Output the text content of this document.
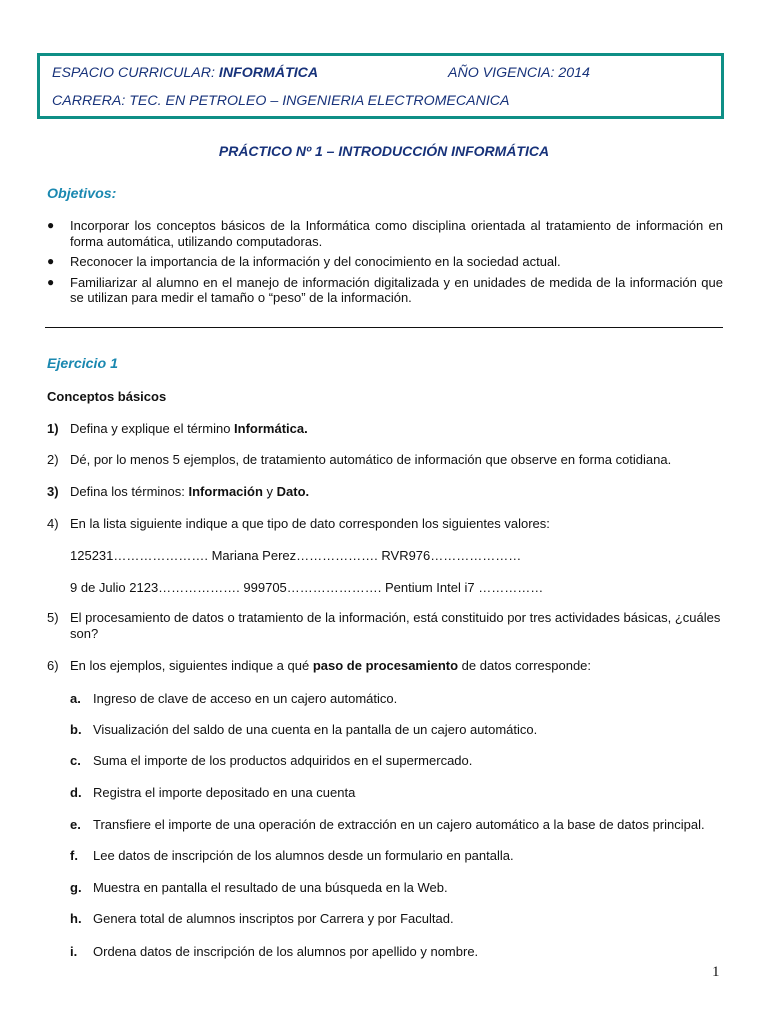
ESPACIO CURRICULAR: INFORMÁTICA	AÑO VIGENCIA: 2014
CARRERA: TEC. EN PETROLEO – INGENIERIA ELECTROMECANICA
PRÁCTICO Nº 1 – INTRODUCCIÓN INFORMÁTICA
Objetivos:
● Incorporar los conceptos básicos de la Informática como disciplina orientada al tratamiento de información en forma automática, utilizando computadoras.
● Reconocer la importancia de la información y del conocimiento en la sociedad actual.
● Familiarizar al alumno en el manejo de información digitalizada y en unidades de medida de la información que se utilizan para medir el tamaño o “peso” de la información.
Ejercicio 1
Conceptos básicos
1) Defina y explique el término Informática.
2) Dé, por lo menos 5 ejemplos, de tratamiento automático de información que observe en forma cotidiana.
3) Defina los términos: Información y Dato.
4) En la lista siguiente indique a que tipo de dato corresponden los siguientes valores:
125231…………………. Mariana Perez………………. RVR976…………………
9 de Julio 2123………………. 999705…………………. Pentium Intel i7 ……………
5) El procesamiento de datos o tratamiento de la información, está constituido por tres actividades básicas, ¿cuáles son?
6) En los ejemplos, siguientes indique a qué paso de procesamiento de datos corresponde:
a. Ingreso de clave de acceso en un cajero automático.
b. Visualización del saldo de una cuenta en la pantalla de un cajero automático.
c. Suma el importe de los productos adquiridos en el supermercado.
d. Registra el importe depositado en una cuenta
e. Transfiere el importe de una operación de extracción en un cajero automático a la base de datos principal.
f. Lee datos de inscripción de los alumnos desde un formulario en pantalla.
g. Muestra en pantalla el resultado de una búsqueda en la Web.
h. Genera total de alumnos inscriptos por Carrera y por Facultad.
i. Ordena datos de inscripción de los alumnos por apellido y nombre.
1
